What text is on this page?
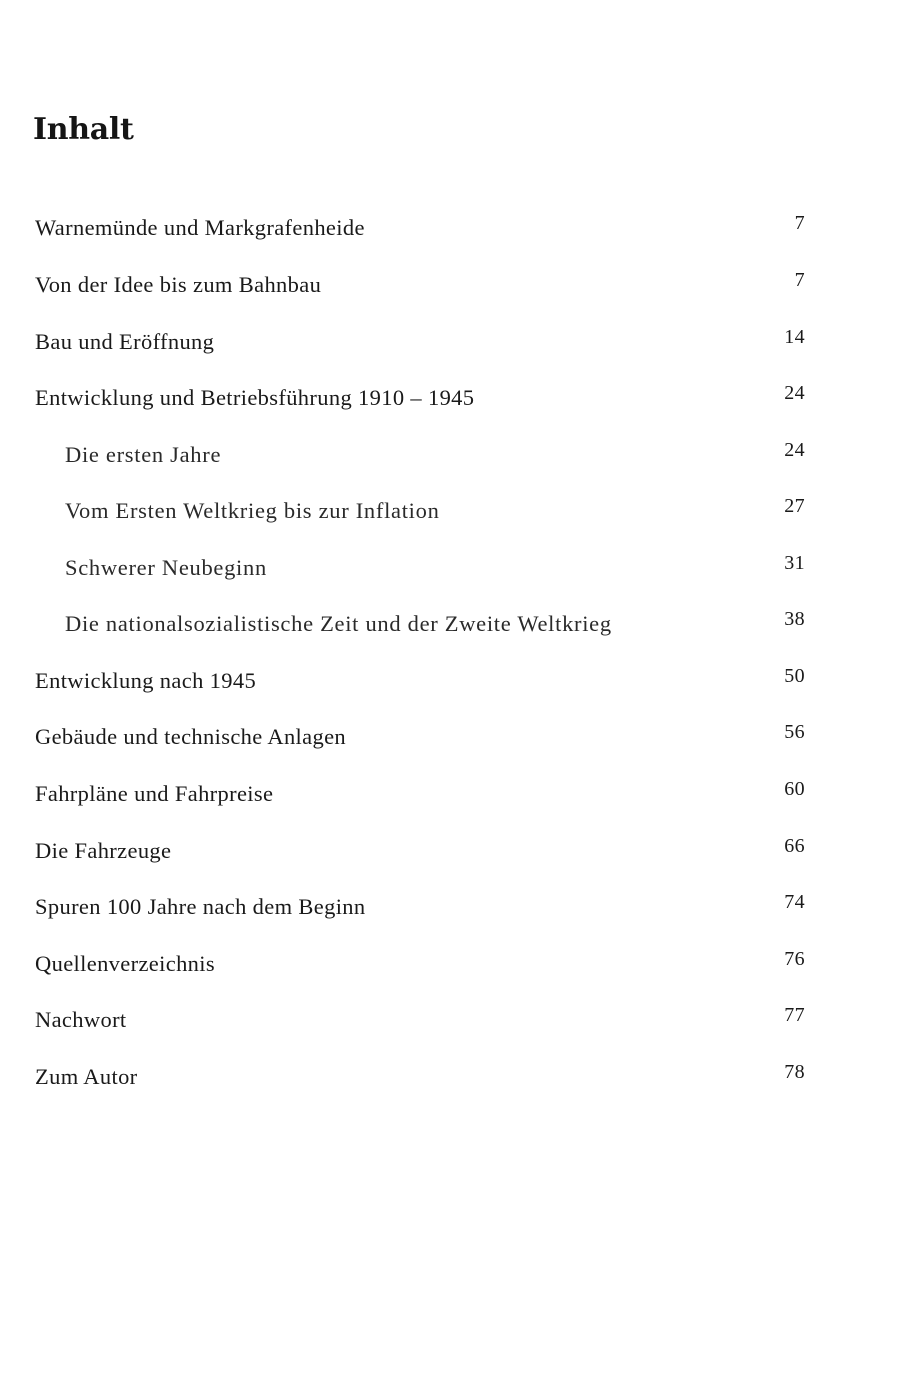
Inhalt
Warnemünde und Markgrafenheide	7
Von der Idee bis zum Bahnbau	7
Bau und Eröffnung	14
Entwicklung und Betriebsführung 1910 – 1945	24
Die ersten Jahre	24
Vom Ersten Weltkrieg bis zur Inflation	27
Schwerer Neubeginn	31
Die nationalsozialistische Zeit und der Zweite Weltkrieg	38
Entwicklung nach 1945	50
Gebäude und technische Anlagen	56
Fahrpläne und Fahrpreise	60
Die Fahrzeuge	66
Spuren 100 Jahre nach dem Beginn	74
Quellenverzeichnis	76
Nachwort	77
Zum Autor	78
